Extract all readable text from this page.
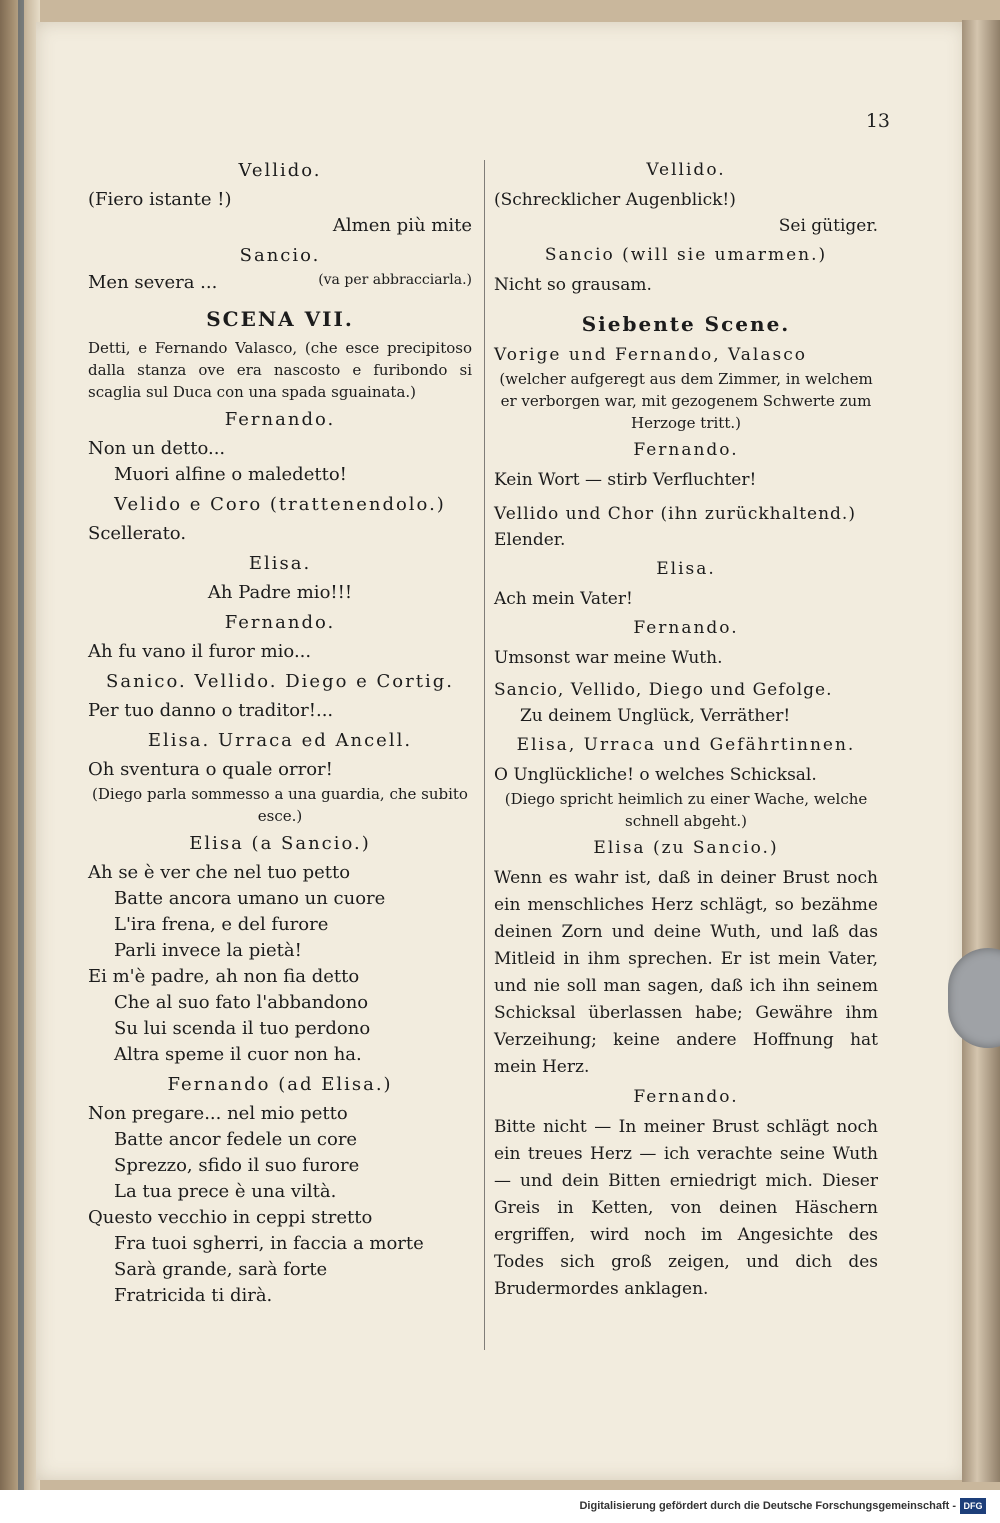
13

Vellido.

(Fiero istante !)

Almen più mite

Sancio.

Men severa ...	(va per abbracciarla.)

SCENA VII.

Detti, e Fernando Valasco, (che esce precipitoso dalla stanza ove era nascosto e furibondo si scaglia sul Duca con una spada sguainata.)

Fernando.

Non un detto...

Muori alfine o maledetto!

Velido e Coro (trattenendolo.)

Scellerato.

Elisa.

Ah Padre mio!!!

Fernando.

Ah fu vano il furor mio...

Sanico. Vellido. Diego e Cortig.

Per tuo danno o traditor!...

Elisa. Urraca ed Ancell.

Oh sventura o quale orror!

(Diego parla sommesso a una guardia, che subito esce.)

Elisa (a Sancio.)

Ah se è ver che nel tuo petto

Batte ancora umano un cuore

L'ira frena, e del furore

Parli invece la pietà!

Ei m'è padre, ah non fia detto

Che al suo fato l'abbandono

Su lui scenda il tuo perdono

Altra speme il cuor non ha.

Fernando (ad Elisa.)

Non pregare... nel mio petto

Batte ancor fedele un core

Sprezzo, sfido il suo furore

La tua prece è una viltà.

Questo vecchio in ceppi stretto

Fra tuoi sgherri, in faccia a morte

Sarà grande, sarà forte

Fratricida ti dirà.

Vellido.

(Schrecklicher Augenblick!)

Sei gütiger.

Sancio (will sie umarmen.)

Nicht so grausam.

Siebente Scene.

Vorige und Fernando, Valasco

(welcher aufgeregt aus dem Zimmer, in welchem er verborgen war, mit gezogenem Schwerte zum Herzoge tritt.)

Fernando.

Kein Wort — stirb Verfluchter!

Vellido und Chor (ihn zurückhaltend.)

Elender.

Elisa.

Ach mein Vater!

Fernando.

Umsonst war meine Wuth.

Sancio, Vellido, Diego und Gefolge.

Zu deinem Unglück, Verräther!

Elisa, Urraca und Gefährtinnen.

O Unglückliche! o welches Schicksal.

(Diego spricht heimlich zu einer Wache, welche schnell abgeht.)

Elisa (zu Sancio.)

Wenn es wahr ist, daß in deiner Brust noch ein menschliches Herz schlägt, so bezähme deinen Zorn und deine Wuth, und laß das Mitleid in ihm sprechen. Er ist mein Vater, und nie soll man sagen, daß ich ihn seinem Schicksal überlassen habe; Gewähre ihm Verzeihung; keine andere Hoffnung hat mein Herz.

Fernando.

Bitte nicht — In meiner Brust schlägt noch ein treues Herz — ich verachte seine Wuth — und dein Bitten erniedrigt mich. Dieser Greis in Ketten, von deinen Häschern ergriffen, wird noch im Angesichte des Todes sich groß zeigen, und dich des Brudermordes anklagen.

Digitalisierung gefördert durch die Deutsche Forschungsgemeinschaft - DFG
